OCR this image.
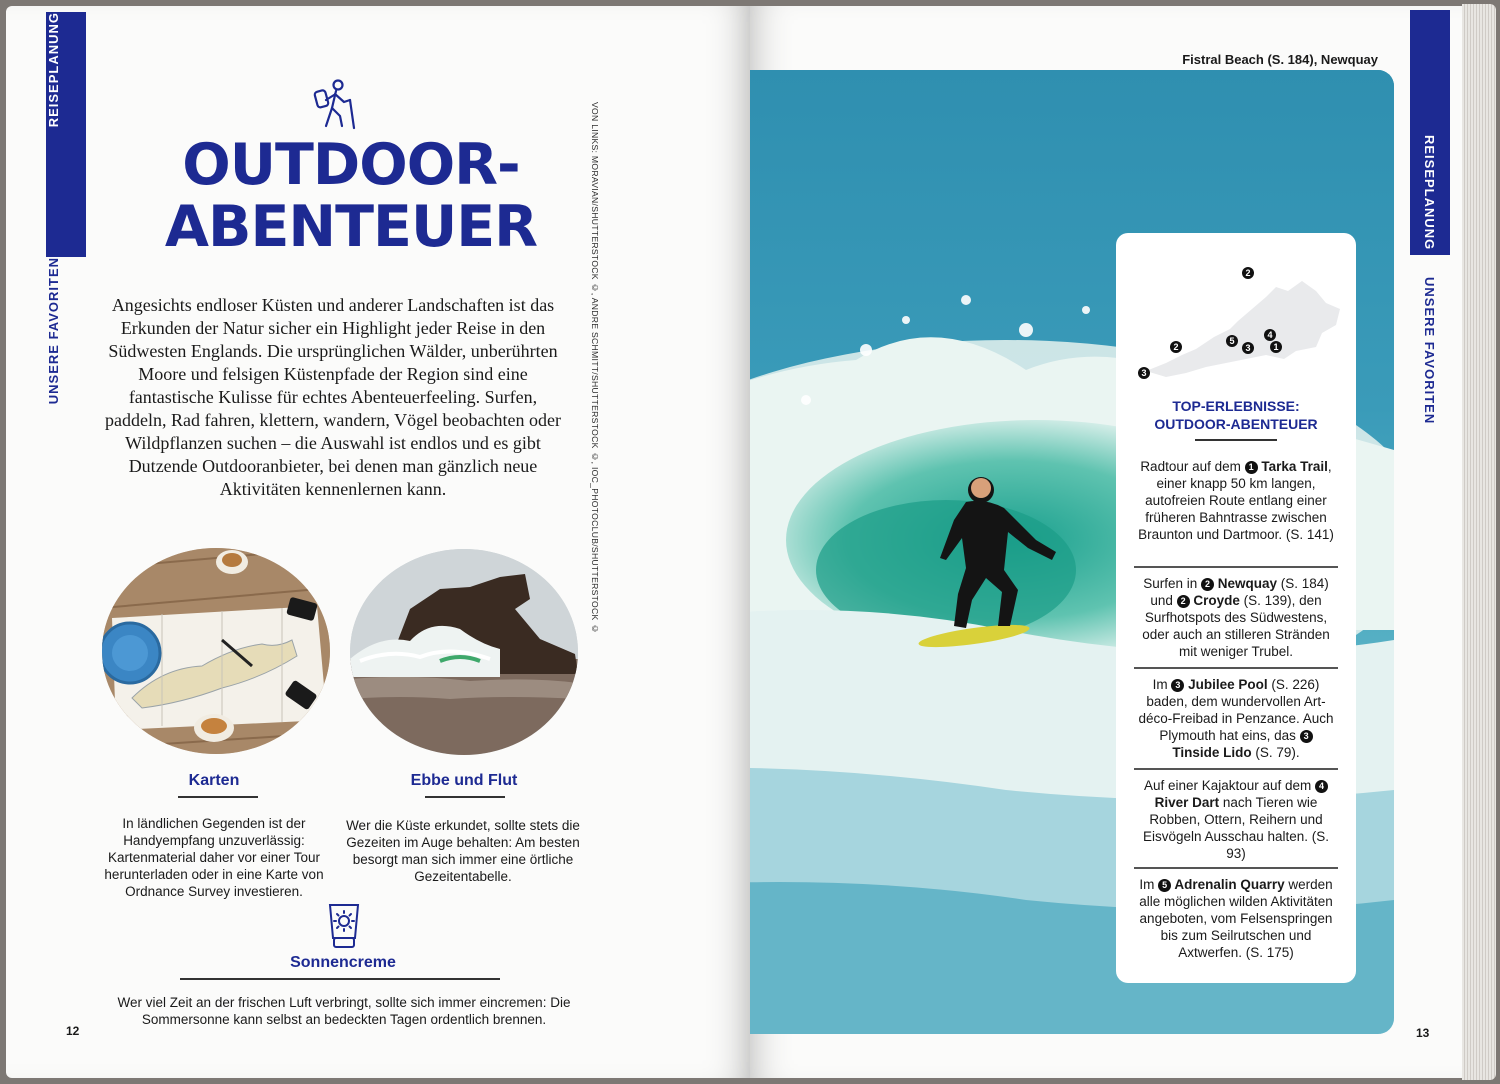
REISEPLANUNG
UNSERE FAVORITEN
OUTDOOR-
ABENTEUER

Angesichts endloser Küsten und anderer Landschaften ist das Erkunden der Natur sicher ein Highlight jeder Reise in den Südwesten Englands. Die ursprünglichen Wälder, unberührten Moore und felsigen Küstenpfade der Region sind eine fantastische Kulisse für echtes Abenteuerfeeling. Surfen, paddeln, Rad fahren, klettern, wandern, Vögel beobachten oder Wildpflanzen suchen – die Auswahl ist endlos und es gibt Dutzende Outdooranbieter, bei denen man gänzlich neue Aktivitäten kennenlernen kann.

Karten
In ländlichen Gegenden ist der Handyempfang unzuverlässig: Kartenmaterial daher vor einer Tour herunterladen oder in eine Karte von Ordnance Survey investieren.
Ebbe und Flut
Wer die Küste erkundet, sollte stets die Gezeiten im Auge behalten: Am besten besorgt man sich immer eine örtliche Gezeitentabelle.
Sonnencreme
Wer viel Zeit an der frischen Luft verbringt, sollte sich immer eincremen: Die Sommersonne kann selbst an bedeckten Tagen ordentlich brennen.
12
VON LINKS: MORAVIAN/SHUTTERSTOCK ©, ANDRE SCHMITT/SHUTTERSTOCK ©, IOC_PHOTOCLUB/SHUTTERSTOCK ©
Fistral Beach (S. 184), Newquay
2
2
3
5
3
4
1
TOP-ERLEBNISSE:
OUTDOOR-ABENTEUER
Radtour auf dem 1 Tarka Trail, einer knapp 50 km langen, autofreien Route entlang einer früheren Bahntrasse zwischen Braunton und Dartmoor. (S. 141)
Surfen in 2 Newquay (S. 184) und 2 Croyde (S. 139), den Surfhotspots des Südwestens, oder auch an stilleren Stränden mit weniger Trubel.
Im 3 Jubilee Pool (S. 226) baden, dem wundervollen Art-déco-Freibad in Penzance. Auch Plymouth hat eins, das 3 Tinside Lido (S. 79).
Auf einer Kajaktour auf dem 4 River Dart nach Tieren wie Robben, Ottern, Reihern und Eisvögeln Ausschau halten. (S. 93)
Im 5 Adrenalin Quarry werden alle möglichen wilden Aktivitäten angeboten, vom Felsenspringen bis zum Seilrutschen und Axtwerfen. (S. 175)
REISEPLANUNG
UNSERE FAVORITEN
13
